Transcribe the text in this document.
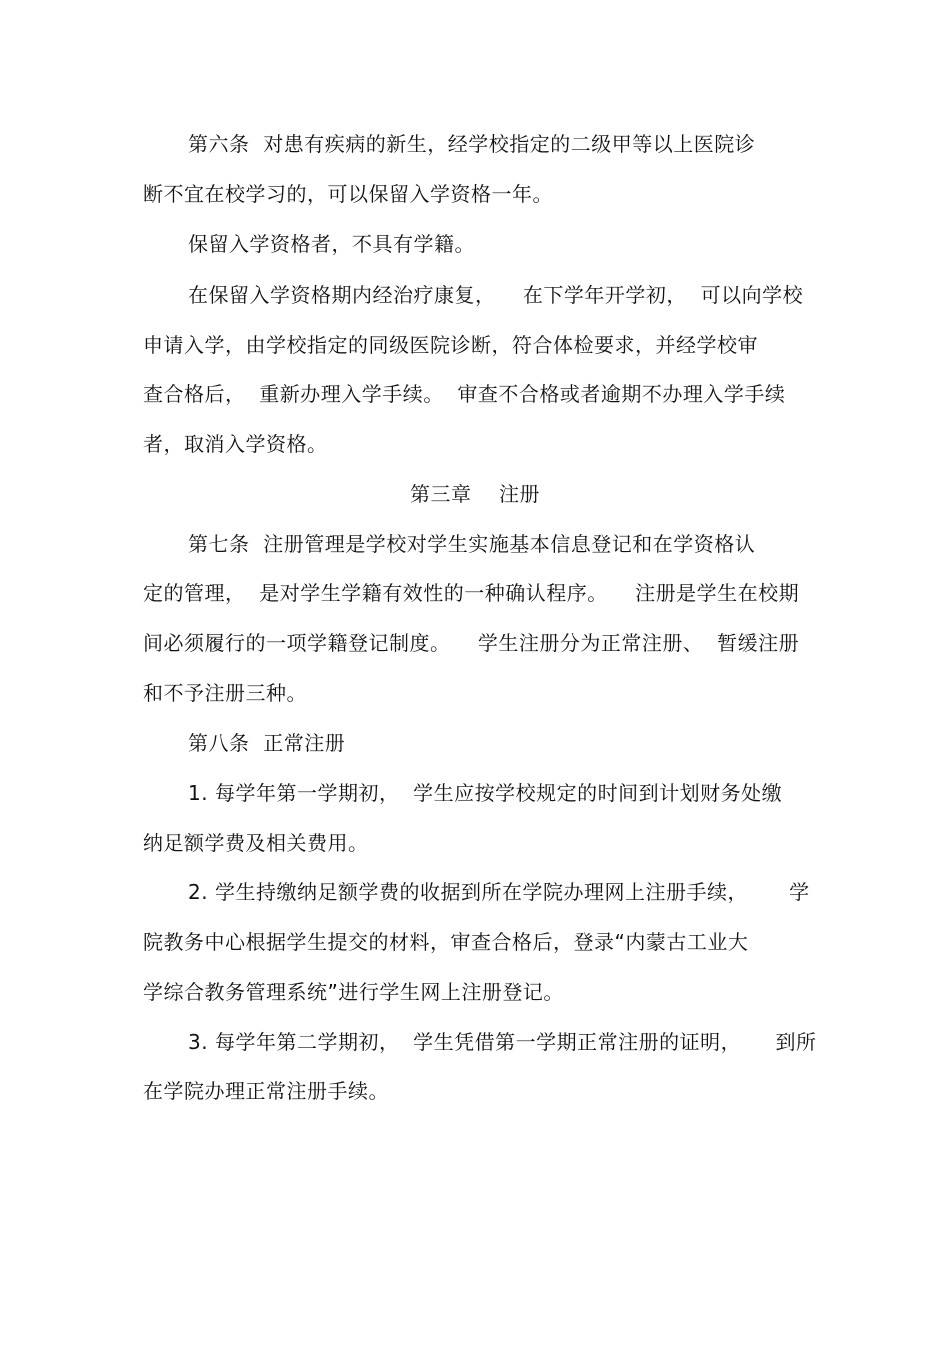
第六条  对患有疾病的新生，经学校指定的二级甲等以上医院诊
断不宜在校学习的，可以保留入学资格一年。
保留入学资格者，不具有学籍。
在保留入学资格期内经治疗康复，    在下学年开学初，  可以向学校
申请入学，由学校指定的同级医院诊断，符合体检要求，并经学校审
查合格后，  重新办理入学手续。  审查不合格或者逾期不办理入学手续
者，取消入学资格。
第三章    注册
第七条  注册管理是学校对学生实施基本信息登记和在学资格认
定的管理，  是对学生学籍有效性的一种确认程序。    注册是学生在校期
间必须履行的一项学籍登记制度。    学生注册分为正常注册、  暂缓注册
和不予注册三种。
第八条  正常注册
1. 每学年第一学期初，  学生应按学校规定的时间到计划财务处缴
纳足额学费及相关费用。
2. 学生持缴纳足额学费的收据到所在学院办理网上注册手续，      学
院教务中心根据学生提交的材料，审查合格后，登录“内蒙古工业大
学综合教务管理系统”进行学生网上注册登记。
3. 每学年第二学期初，  学生凭借第一学期正常注册的证明，     到所
在学院办理正常注册手续。
